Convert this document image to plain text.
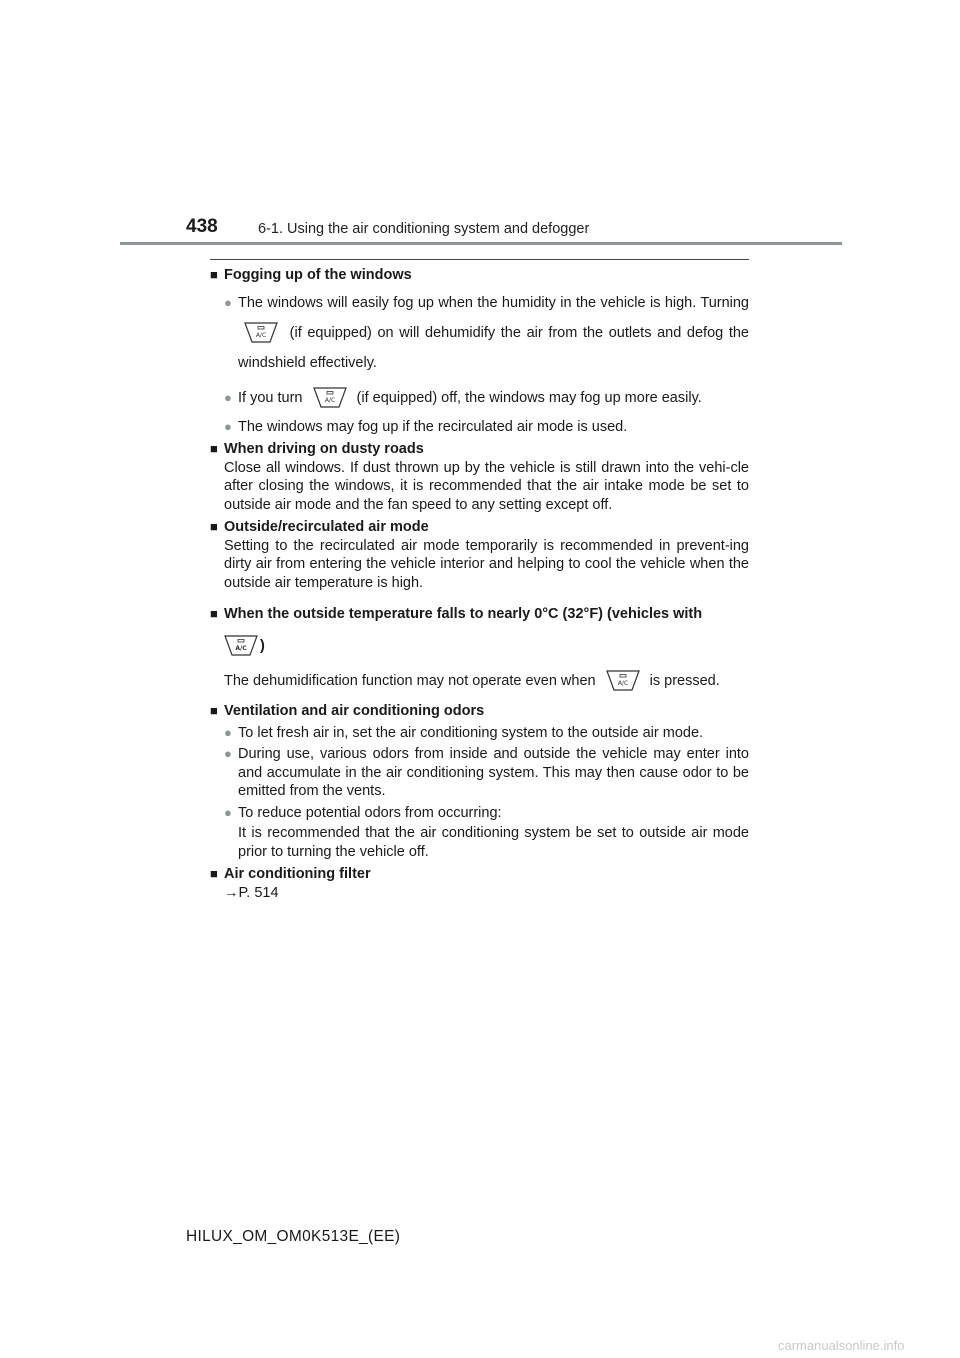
438	6-1. Using the air conditioning system and defogger
■ Fogging up of the windows
● The windows will easily fog up when the humidity in the vehicle is high. Turning  (if equipped) on will dehumidify the air from the outlets and defog the windshield effectively.
● If you turn	(if equipped) off, the windows may fog up more easily.
● The windows may fog up if the recirculated air mode is used.
■ When driving on dusty roads
Close all windows. If dust thrown up by the vehicle is still drawn into the vehi-cle after closing the windows, it is recommended that the air intake mode be set to outside air mode and the fan speed to any setting except off.
■ Outside/recirculated air mode
Setting to the recirculated air mode temporarily is recommended in prevent-ing dirty air from entering the vehicle interior and helping to cool the vehicle when the outside air temperature is high.
■ When the outside temperature falls to nearly 0°C (32°F) (vehicles with
)
The dehumidification function may not operate even when	is pressed.
■ Ventilation and air conditioning odors
● To let fresh air in, set the air conditioning system to the outside air mode.
● During use, various odors from inside and outside the vehicle may enter into and accumulate in the air conditioning system. This may then cause odor to be emitted from the vents.
● To reduce potential odors from occurring:
It is recommended that the air conditioning system be set to outside air mode prior to turning the vehicle off.
■ Air conditioning filter
→P. 514
HILUX_OM_OM0K513E_(EE)
carmanualsonline.info
